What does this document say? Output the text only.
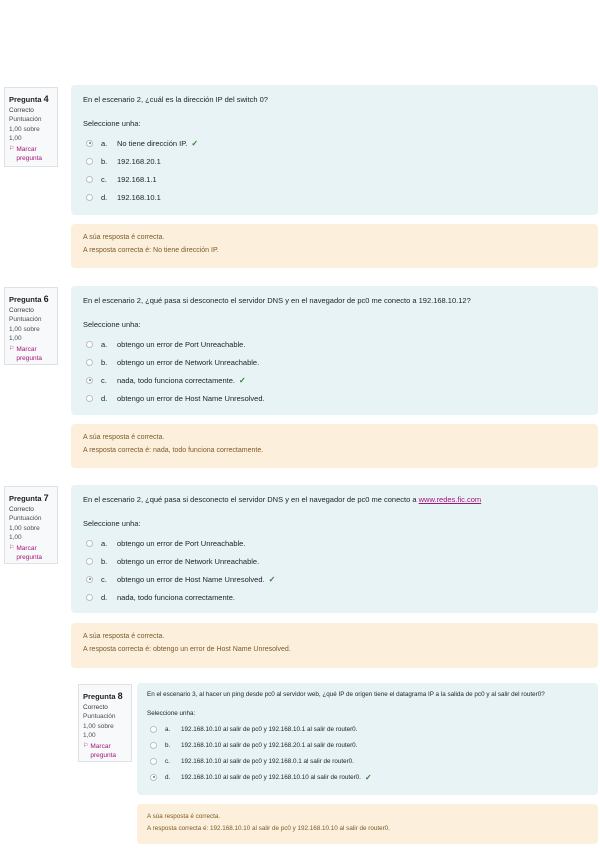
Pregunta 4
Correcto
Puntuación 1,00 sobre 1,00
⚐ Marcar pregunta
En el escenario 2, ¿cuál es la dirección IP del switch 0?
Seleccione unha:
a.	No tiene dirección IP. ✓
b.	192.168.20.1
c.	192.168.1.1
d.	192.168.10.1
A súa resposta é correcta.
A resposta correcta é: No tiene dirección IP.
Pregunta 6
Correcto
Puntuación 1,00 sobre 1,00
⚐ Marcar pregunta
En el escenario 2, ¿qué pasa si desconecto el servidor DNS y en el navegador de pc0 me conecto a 192.168.10.12?
Seleccione unha:
a.	obtengo un error de Port Unreachable.
b.	obtengo un error de Network Unreachable.
c.	nada, todo funciona correctamente. ✓
d.	obtengo un error de Host Name Unresolved.
A súa resposta é correcta.
A resposta correcta é: nada, todo funciona correctamente.
Pregunta 7
Correcto
Puntuación 1,00 sobre 1,00
⚐ Marcar pregunta
En el escenario 2, ¿qué pasa si desconecto el servidor DNS y en el navegador de pc0 me conecto a www.redes.fic.com
Seleccione unha:
a.	obtengo un error de Port Unreachable.
b.	obtengo un error de Network Unreachable.
c.	obtengo un error de Host Name Unresolved. ✓
d.	nada, todo funciona correctamente.
A súa resposta é correcta.
A resposta correcta é: obtengo un error de Host Name Unresolved.
Pregunta 8
Correcto
Puntuación 1,00 sobre 1,00
⚐ Marcar pregunta
En el escenario 3, al hacer un ping desde pc0 al servidor web, ¿qué IP de origen tiene el datagrama IP a la salida de pc0 y al salir del router0?
Seleccione unha:
a.	192.168.10.10 al salir de pc0 y 192.168.10.1 al salir de router0.
b.	192.168.10.10 al salir de pc0 y 192.168.20.1 al salir de router0.
c.	192.168.10.10 al salir de pc0 y 192.168.0.1 al salir de router0.
d.	192.168.10.10 al salir de pc0 y 192.168.10.10 al salir de router0. ✓
A súa resposta é correcta.
A resposta correcta é: 192.168.10.10 al salir de pc0 y 192.168.10.10 al salir de router0.
